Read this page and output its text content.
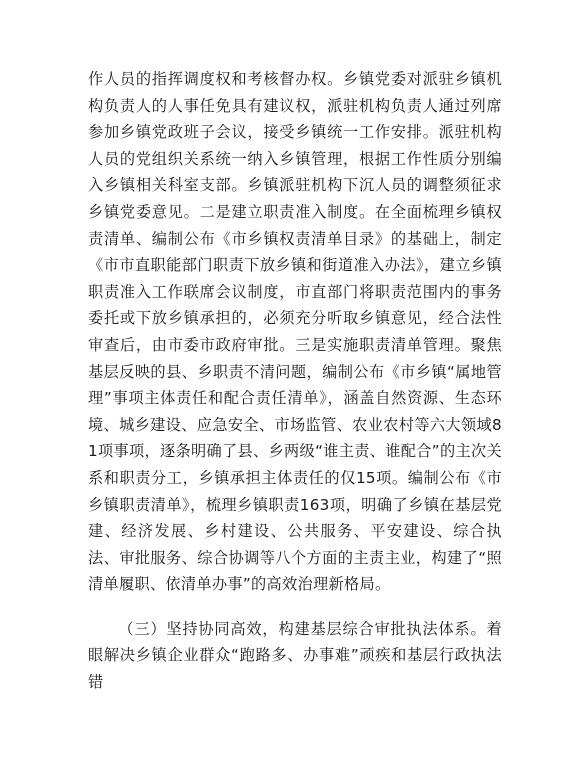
作人员的指挥调度权和考核督办权。乡镇党委对派驻乡镇机构负责人的人事任免具有建议权，派驻机构负责人通过列席参加乡镇党政班子会议，接受乡镇统一工作安排。派驻机构人员的党组织关系统一纳入乡镇管理，根据工作性质分别编入乡镇相关科室支部。乡镇派驻机构下沉人员的调整须征求乡镇党委意见。二是建立职责准入制度。在全面梳理乡镇权责清单、编制公布《市乡镇权责清单目录》的基础上，制定《市市直职能部门职责下放乡镇和街道准入办法》，建立乡镇职责准入工作联席会议制度，市直部门将职责范围内的事务委托或下放乡镇承担的，必须充分听取乡镇意见，经合法性审查后，由市委市政府审批。三是实施职责清单管理。聚焦基层反映的县、乡职责不清问题，编制公布《市乡镇“属地管理”事项主体责任和配合责任清单》，涵盖自然资源、生态环境、城乡建设、应急安全、市场监管、农业农村等六大领域81项事项，逐条明确了县、乡两级“谁主责、谁配合”的主次关系和职责分工，乡镇承担主体责任的仅15项。编制公布《市乡镇职责清单》，梳理乡镇职责163项，明确了乡镇在基层党建、经济发展、乡村建设、公共服务、平安建设、综合执法、审批服务、综合协调等八个方面的主责主业，构建了“照清单履职、依清单办事”的高效治理新格局。

（三）坚持协同高效，构建基层综合审批执法体系。着眼解决乡镇企业群众“跑路多、办事难”顽疾和基层行政执法错
